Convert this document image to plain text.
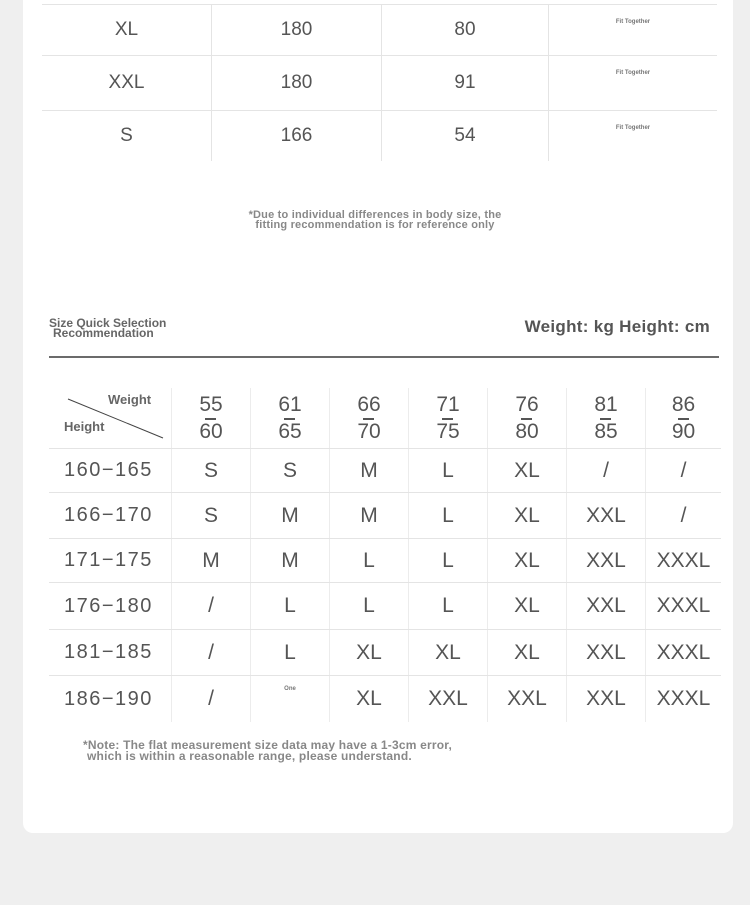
XL	180	80	Fit Together
XXL	180	91	Fit Together
S	166	54	Fit Together
*Due to individual differences in body size, the
fitting recommendation is for reference only
Size Quick Selection
Recommendation	Weight: kg Height: cm
Weight
Height	$\frac{55}{60}$	$\frac{61}{65}$	$\frac{66}{70}$	$\frac{71}{75}$	$\frac{76}{80}$	$\frac{81}{85}$	$\frac{86}{90}$
160−165	S	S	M	L	XL	/	/
166−170	S	M	M	L	XL	XXL	/
171−175	M	M	L	L	XL	XXL	XXXL
176−180	/	L	L	L	XL	XXL	XXXL
181−185	/	L	XL	XL	XL	XXL	XXXL
186−190	/	One	XL	XXL	XXL	XXL	XXXL
*Note: The flat measurement size data may have a 1-3cm error,
which is within a reasonable range, please understand.
